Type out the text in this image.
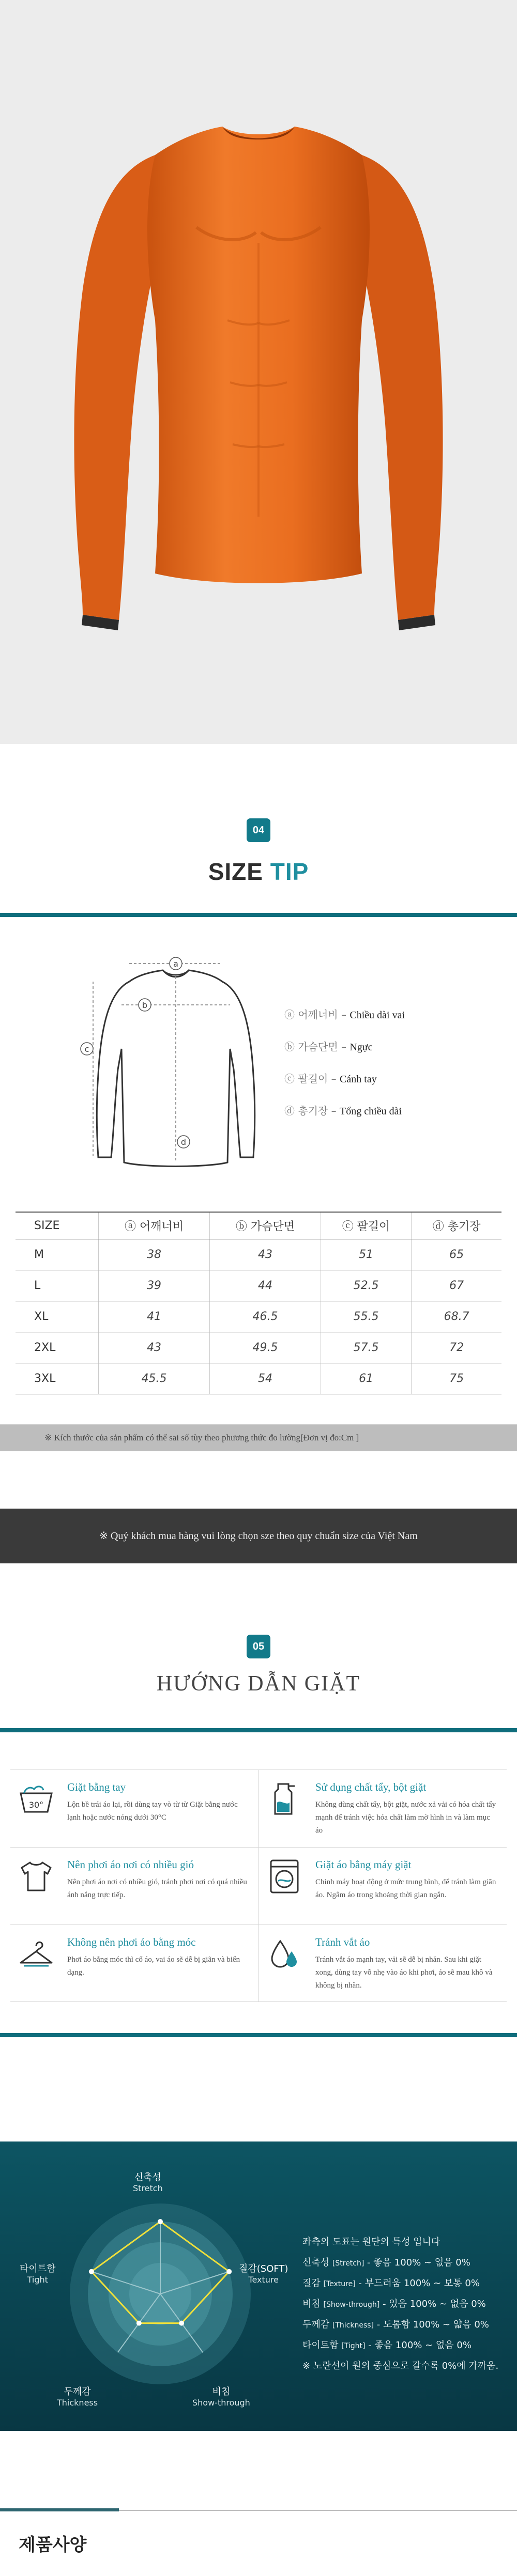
04
SIZE TIP
a
b
c
d
ⓐ 어깨너비 – Chiều dài vai
ⓑ 가슴단면 – Ngực
ⓒ 팔길이 – Cánh tay
ⓓ 총기장 – Tổng chiều dài
SIZE	ⓐ 어깨너비	ⓑ 가슴단면	ⓒ 팔길이	ⓓ 총기장
M	38	43	51	65
L	39	44	52.5	67
XL	41	46.5	55.5	68.7
2XL	43	49.5	57.5	72
3XL	45.5	54	61	75
※ Kích thước của sản phẩm có thể sai số tùy theo phương thức đo lường[Đơn vị đo:Cm ]
※ Quý khách mua hàng vui lòng chọn sze theo quy chuẩn size của Việt Nam
05
HƯỚNG DẪN GIẶT
30°
Giặt bằng tay
Lộn bề trái áo lại, rồi dùng tay vò từ từ Giặt bằng nước lạnh hoặc nước nóng dưới 30°C
Sử dụng chất tẩy, bột giặt
Không dùng chất tẩy, bột giặt, nước xả vải có hóa chất tẩy mạnh để tránh việc hóa chất làm mờ hình in và làm mục áo
Nên phơi áo nơi có nhiều gió
Nên phơi áo nơi có nhiều gió, tránh phơi nơi có quá nhiều ánh nắng trực tiếp.
Giặt áo bằng máy giặt
Chỉnh máy hoạt động ở mức trung bình, để tránh làm giãn áo. Ngâm áo trong khoảng thời gian ngắn.
Không nên phơi áo bằng móc
Phơi áo bằng móc thì cổ áo, vai áo sẽ dễ bị giãn và biến dạng.
Tránh vắt áo
Tránh vắt áo mạnh tay, vải sẽ dễ bị nhăn. Sau khi giặt xong, dùng tay vỗ nhẹ vào áo khi phơi, áo sẽ mau khô và không bị nhăn.
MATERIAL CHECK POINT
신축성
Stretch
질감(SOFT)
Texture
비침
Show-through
두께감
Thickness
타이트함
Tight
좌측의 도표는 원단의 특성 입니다
신축성 [Stretch] - 좋음 100% ~ 없음 0%
질감 [Texture] - 부드러움 100% ~ 보통 0%
비침 [Show-through] - 있음 100% ~ 없음 0%
두께감 [Thickness] - 도톰함 100% ~ 얇음 0%
타이트함 [Tight] - 좋음 100% ~ 없음 0%
※ 노란선이 원의 중심으로 갈수록 0%에 가까움.
제품사양
